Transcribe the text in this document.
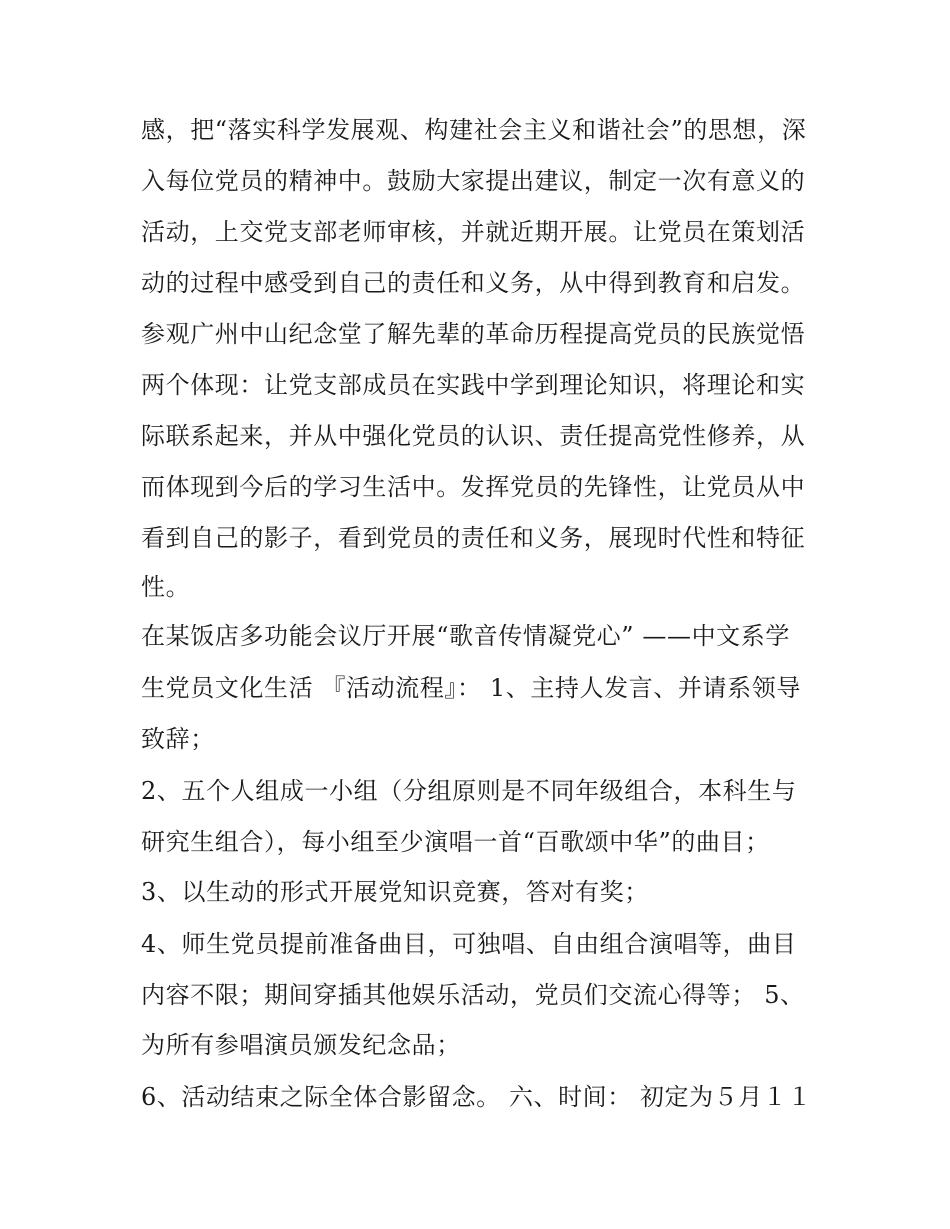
感，把“落实科学发展观、构建社会主义和谐社会”的思想，深
入每位党员的精神中。鼓励大家提出建议，制定一次有意义的
活动，上交党支部老师审核，并就近期开展。让党员在策划活
动的过程中感受到自己的责任和义务，从中得到教育和启发。
参观广州中山纪念堂了解先辈的革命历程提高党员的民族觉悟
两个体现：让党支部成员在实践中学到理论知识，将理论和实
际联系起来，并从中强化党员的认识、责任提高党性修养，从
而体现到今后的学习生活中。发挥党员的先锋性，让党员从中
看到自己的影子，看到党员的责任和义务，展现时代性和特征
性。
在某饭店多功能会议厅开展“歌音传情凝党心” ——中文系学
生党员文化生活 『活动流程』： 1、主持人发言、并请系领导
致辞；
2、五个人组成一小组（分组原则是不同年级组合，本科生与
研究生组合），每小组至少演唱一首“百歌颂中华”的曲目；
3、以生动的形式开展党知识竞赛，答对有奖；
4、师生党员提前准备曲目，可独唱、自由组合演唱等，曲目
内容不限；期间穿插其他娱乐活动，党员们交流心得等； 5、
为所有参唱演员颁发纪念品；
6、活动结束之际全体合影留念。 六、时间： 初定为５月１１
